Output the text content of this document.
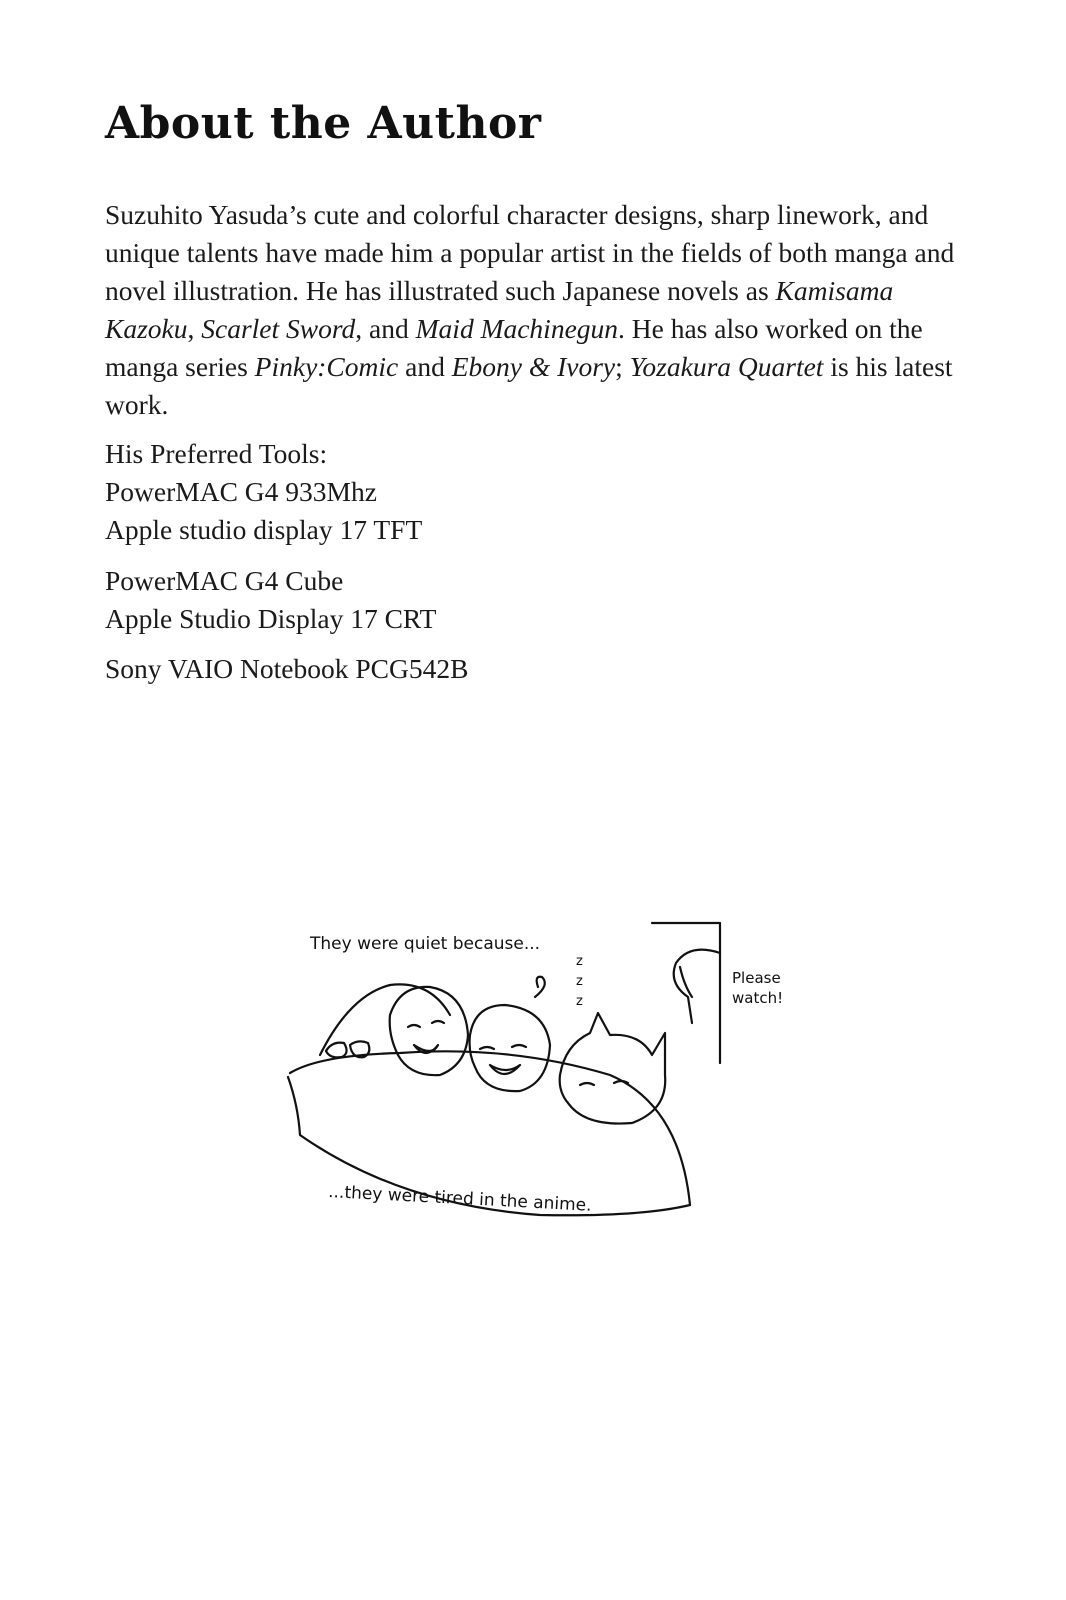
About the Author

Suzuhito Yasuda’s cute and colorful character designs, sharp linework, and unique talents have made him a popular artist in the fields of both manga and novel illustration. He has illustrated such Japanese novels as Kamisama Kazoku, Scarlet Sword, and Maid Machinegun. He has also worked on the manga series Pinky:Comic and Ebony & Ivory; Yozakura Quartet is his latest work.

His Preferred Tools:
PowerMAC G4 933Mhz
Apple studio display 17 TFT
PowerMAC G4 Cube
Apple Studio Display 17 CRT
Sony VAIO Notebook PCG542B
They were quiet because...
...they were tired in the anime.
Please
watch!
z
z
z
